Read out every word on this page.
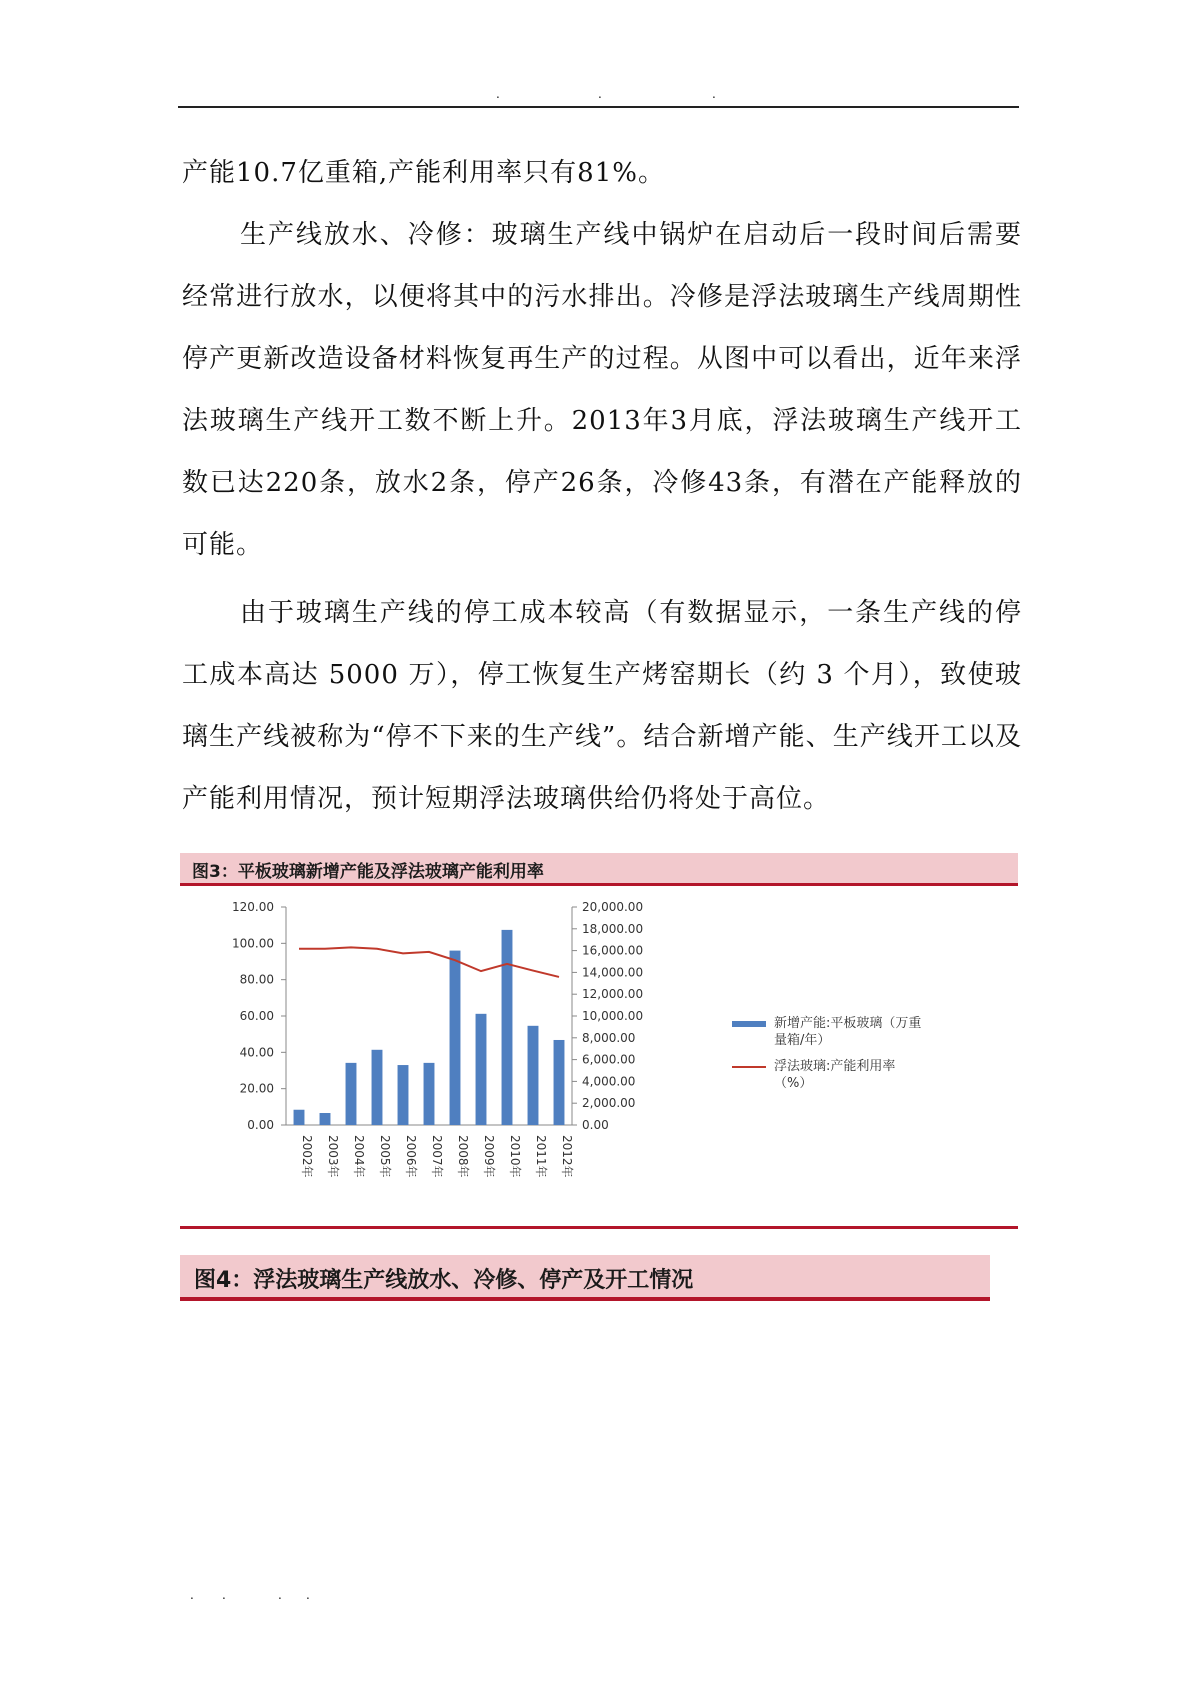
.	.	.

产能10.7亿重箱,产能利用率只有81%。

生产线放水、冷修：玻璃生产线中锅炉在启动后一段时间后需要经常进行放水，以便将其中的污水排出。冷修是浮法玻璃生产线周期性停产更新改造设备材料恢复再生产的过程。从图中可以看出，近年来浮法玻璃生产线开工数不断上升。2013年3月底，浮法玻璃生产线开工数已达220条，放水2条，停产26条，冷修43条，有潜在产能释放的可能。

由于玻璃生产线的停工成本较高（有数据显示，一条生产线的停工成本高达 5000 万），停工恢复生产烤窑期长（约 3 个月），致使玻璃生产线被称为“停不下来的生产线”。结合新增产能、生产线开工以及产能利用情况，预计短期浮法玻璃供给仍将处于高位。

图3：平板玻璃新增产能及浮法玻璃产能利用率
0.00
20.00
40.00
60.00
80.00
100.00
120.00
0.00
2,000.00
4,000.00
6,000.00
8,000.00
10,000.00
12,000.00
14,000.00
16,000.00
18,000.00
20,000.00
2002年 2003年 2004年 2005年 2006年 2007年 2008年 2009年 2010年 2011年 2012年
新增产能:平板玻璃（万重
量箱/年）
浮法玻璃:产能利用率
（%）
图4：浮法玻璃生产线放水、冷修、停产及开工情况
. .	. .
